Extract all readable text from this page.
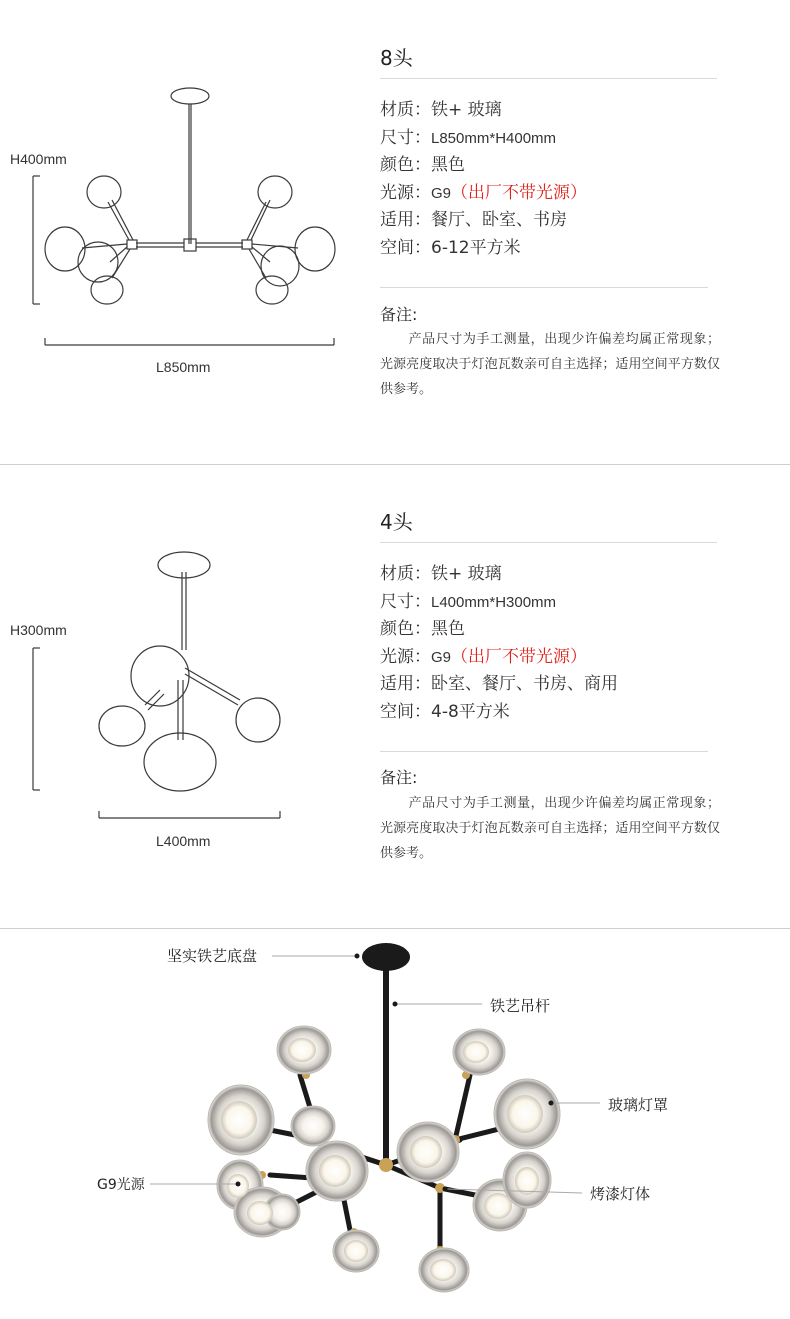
H400mm
L850mm
8头
材质：铁+ 玻璃
尺寸：L850mm*H400mm
颜色：黑色
光源：G9（出厂不带光源）
适用：餐厅、卧室、书房
空间：6-12平方米
备注:

产品尺寸为手工测量，出现少许偏差均属正常现象；光源亮度取决于灯泡瓦数亲可自主选择；适用空间平方数仅供参考。

H300mm
L400mm
4头
材质：铁+ 玻璃
尺寸：L400mm*H300mm
颜色：黑色
光源：G9（出厂不带光源）
适用：卧室、餐厅、书房、商用
空间：4-8平方米
备注:

产品尺寸为手工测量，出现少许偏差均属正常现象；光源亮度取决于灯泡瓦数亲可自主选择；适用空间平方数仅供参考。

坚实铁艺底盘
铁艺吊杆
玻璃灯罩
G9光源	烤漆灯体
